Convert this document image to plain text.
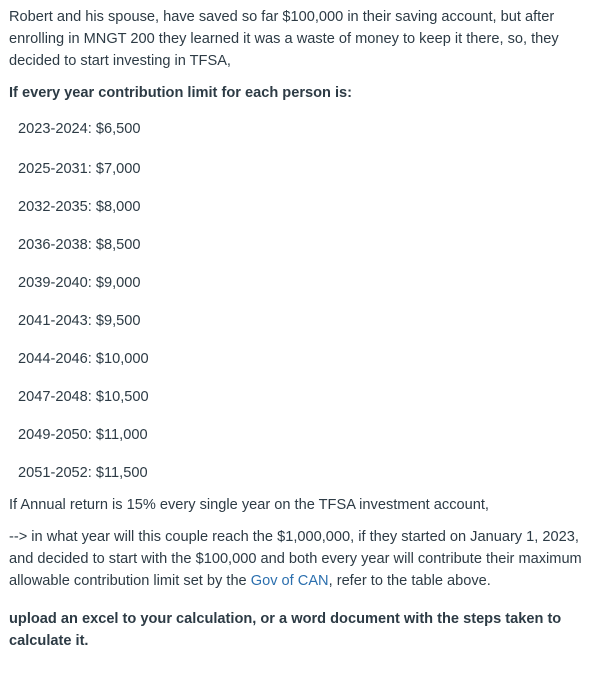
Robert and his spouse, have saved so far $100,000 in their saving account, but after enrolling in MNGT 200 they learned it was a waste of money to keep it there, so, they decided to start investing in TFSA,

If every year contribution limit for each person is:

2023-2024: $6,500
2025-2031: $7,000
2032-2035: $8,000
2036-2038: $8,500
2039-2040: $9,000
2041-2043: $9,500
2044-2046: $10,000
2047-2048: $10,500
2049-2050: $11,000
2051-2052: $11,500

If Annual return is 15% every single year on the TFSA investment account,

--> in what year will this couple reach the $1,000,000, if they started on January 1, 2023, and decided to start with the $100,000 and both every year will contribute their maximum allowable contribution limit set by the Gov of CAN, refer to the table above.

upload an excel to your calculation, or a word document with the steps taken to calculate it.
